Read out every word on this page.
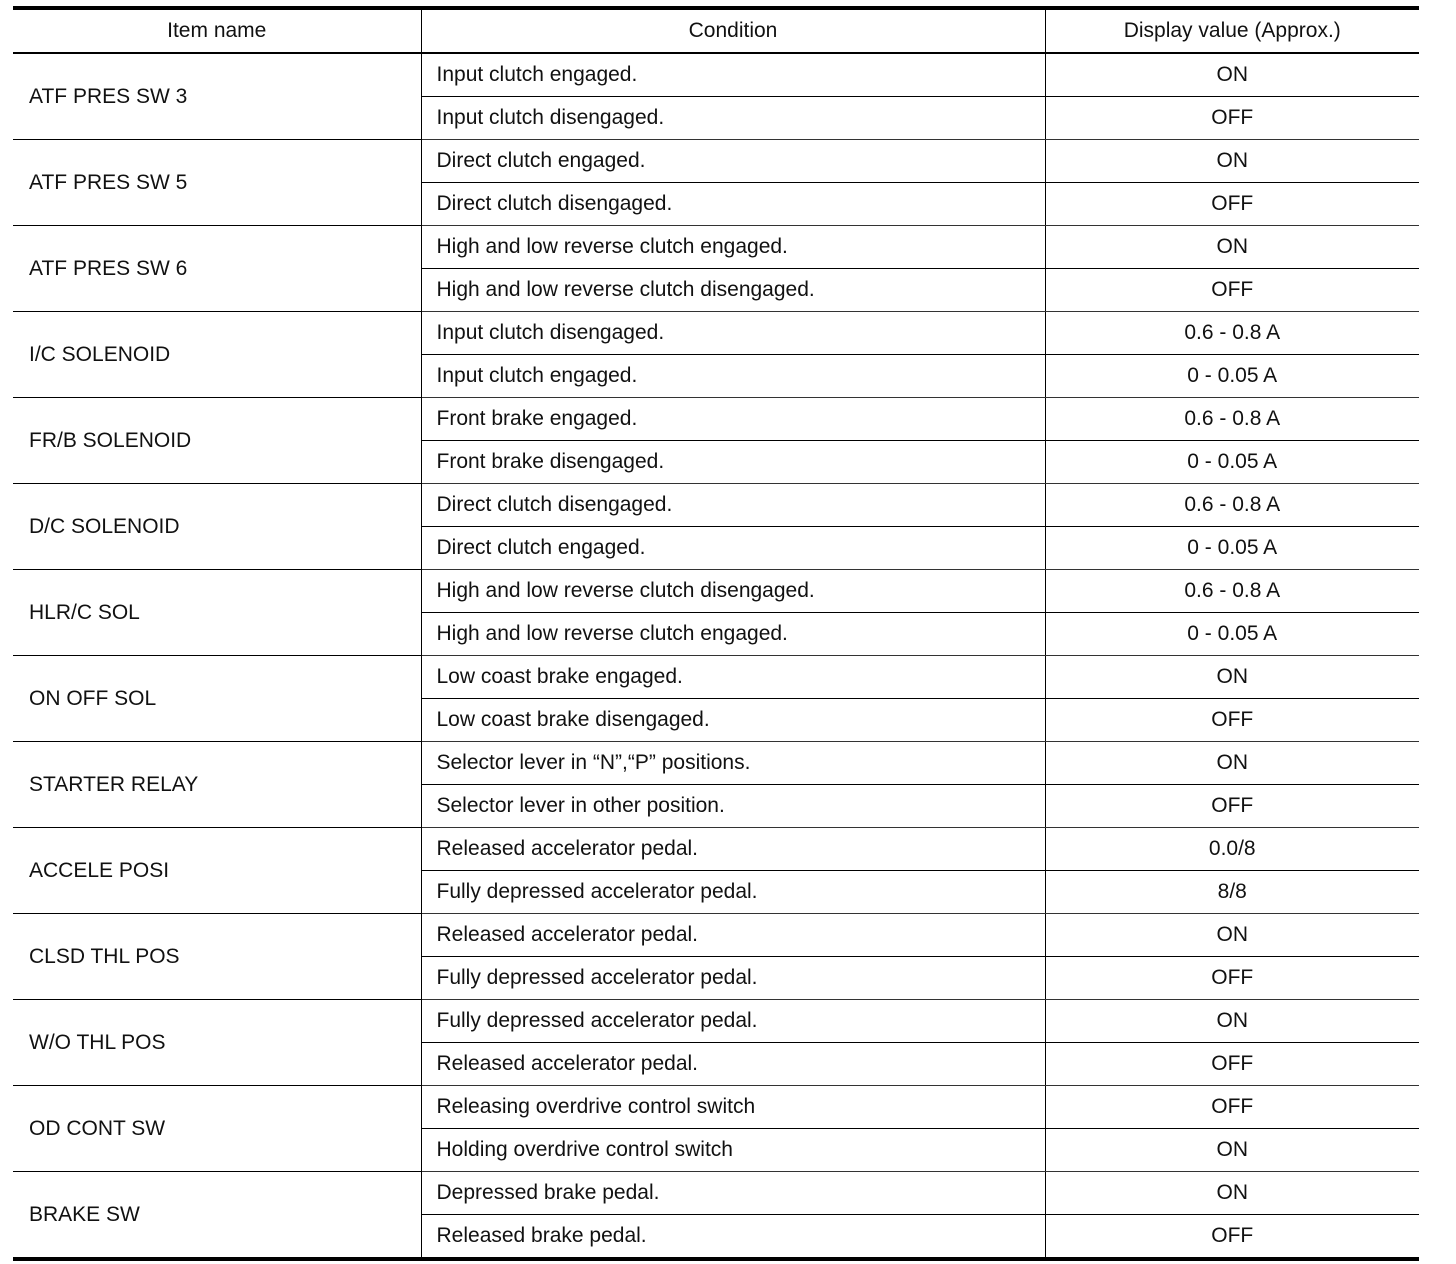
Item name	Condition	Display value (Approx.)
ATF PRES SW 3	Input clutch engaged.	ON
	Input clutch disengaged.	OFF
ATF PRES SW 5	Direct clutch engaged.	ON
	Direct clutch disengaged.	OFF
ATF PRES SW 6	High and low reverse clutch engaged.	ON
	High and low reverse clutch disengaged.	OFF
I/C SOLENOID	Input clutch disengaged.	0.6 - 0.8 A
	Input clutch engaged.	0 - 0.05 A
FR/B SOLENOID	Front brake engaged.	0.6 - 0.8 A
	Front brake disengaged.	0 - 0.05 A
D/C SOLENOID	Direct clutch disengaged.	0.6 - 0.8 A
	Direct clutch engaged.	0 - 0.05 A
HLR/C SOL	High and low reverse clutch disengaged.	0.6 - 0.8 A
	High and low reverse clutch engaged.	0 - 0.05 A
ON OFF SOL	Low coast brake engaged.	ON
	Low coast brake disengaged.	OFF
STARTER RELAY	Selector lever in “N”,“P” positions.	ON
	Selector lever in other position.	OFF
ACCELE POSI	Released accelerator pedal.	0.0/8
	Fully depressed accelerator pedal.	8/8
CLSD THL POS	Released accelerator pedal.	ON
	Fully depressed accelerator pedal.	OFF
W/O THL POS	Fully depressed accelerator pedal.	ON
	Released accelerator pedal.	OFF
OD CONT SW	Releasing overdrive control switch	OFF
	Holding overdrive control switch	ON
BRAKE SW	Depressed brake pedal.	ON
	Released brake pedal.	OFF
